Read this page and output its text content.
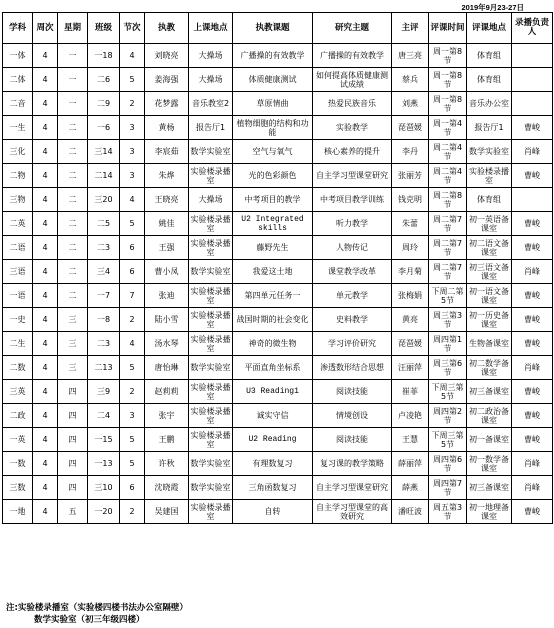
2019年9月23-27日
学科	周次	星期	班级	节次	执教	上课地点	执教课题	研究主题	主评	评课时间	评课地点	录播负责人
一体	4	一	一18	4	刘晓亮	大操场	广播操的有效教学	广播操的有效教学	唐三亮	周一第8节	体育组	
二体	4	一	二6	5	姜海强	大操场	体质健康测试	如何提高体质健康测试成绩	蔡兵	周一第8节	体育组	
二音	4	一	二9	2	花梦露	音乐教室2	草原情曲	热爱民族音乐	刘燕	周一第8节	音乐办公室	
一生	4	二	一6	3	黄杨	报告厅1	植物细胞的结构和功能	实验教学	琵琶媛	周一第4节	报告厅1	曹峻
三化	4	二	三14	3	李宸茹	数学实验室	空气与氧气	核心素养的提升	李丹	周二第4节	数学实验室	肖峰
二物	4	二	二14	3	朱烨	实验楼录播室	光的色彩颜色	自主学习型课堂研究	张丽芳	周二第4节	实验楼录播室	曹峻
三物	4	二	三20	4	王晓亮	大操场	中考项目的教学	中考项目教学训练	钱克明	周二第8节	体育组	
二英	4	二	二5	5	姚佳	实验楼录播室	U2 Integrated skills	听力教学	朱蕾	周二第7节	初一英语备课室	曹峻
二语	4	二	二3	6	王强	实验楼录播室	藤野先生	人物传记	周玲	周二第7节	初二语文备课室	曹峻
三语	4	二	三4	6	曹小凤	数学实验室	我爱这土地	课堂教学改革	李月菊	周二第7节	初三语文备课室	肖峰
一语	4	二	一7	7	张迪	实验楼录播室	第四单元任务一	单元教学	张梅娟	下周二第5节	初一语文备课室	曹峻
一史	4	三	一8	2	陆小雪	实验楼录播室	战国时期的社会变化	史料教学	黄亮	周三第3节	初一历史备课室	曹峻
二生	4	三	二3	4	汤水琴	实验楼录播室	神奇的微生物	学习评价研究	琵琶媛	周四第1节	生物备课室	曹峻
二数	4	三	二13	5	唐怡琳	数学实验室	平面直角坐标系	渗透数形结合思想	汪丽萍	周三第6节	初二数学备课室	肖峰
三英	4	四	三9	2	赵莉莉	实验楼录播室	U3 Reading1	阅读技能	崔菲	下周三第5节	初三备课室	曹峻
二政	4	四	二4	3	张宇	实验楼录播室	诚实守信	情境创设	卢凌艳	周四第2节	初二政治备课室	曹峻
一英	4	四	一15	5	王鹏	实验楼录播室	U2 Reading	阅读技能	王慧	下周三第5节	初一备课室	曹峻
一数	4	四	一13	5	许秋	数学实验室	有理数复习	复习课的教学策略	薛丽萍	周四第6节	初一数学备课室	肖峰
三数	4	四	三10	6	沈晓霞	数学实验室	三角函数复习	自主学习型课堂研究	薛燕	周四第7节	初三备课室	肖峰
一地	4	五	一20	2	吴建国	实验楼录播室	自转	自主学习型课堂的高效研究	潘旺波	周五第3节	初一地理备课室	曹峻
注:实验楼录播室（实验楼四楼书法办公室隔壁）
数学实验室（初三年级四楼）
